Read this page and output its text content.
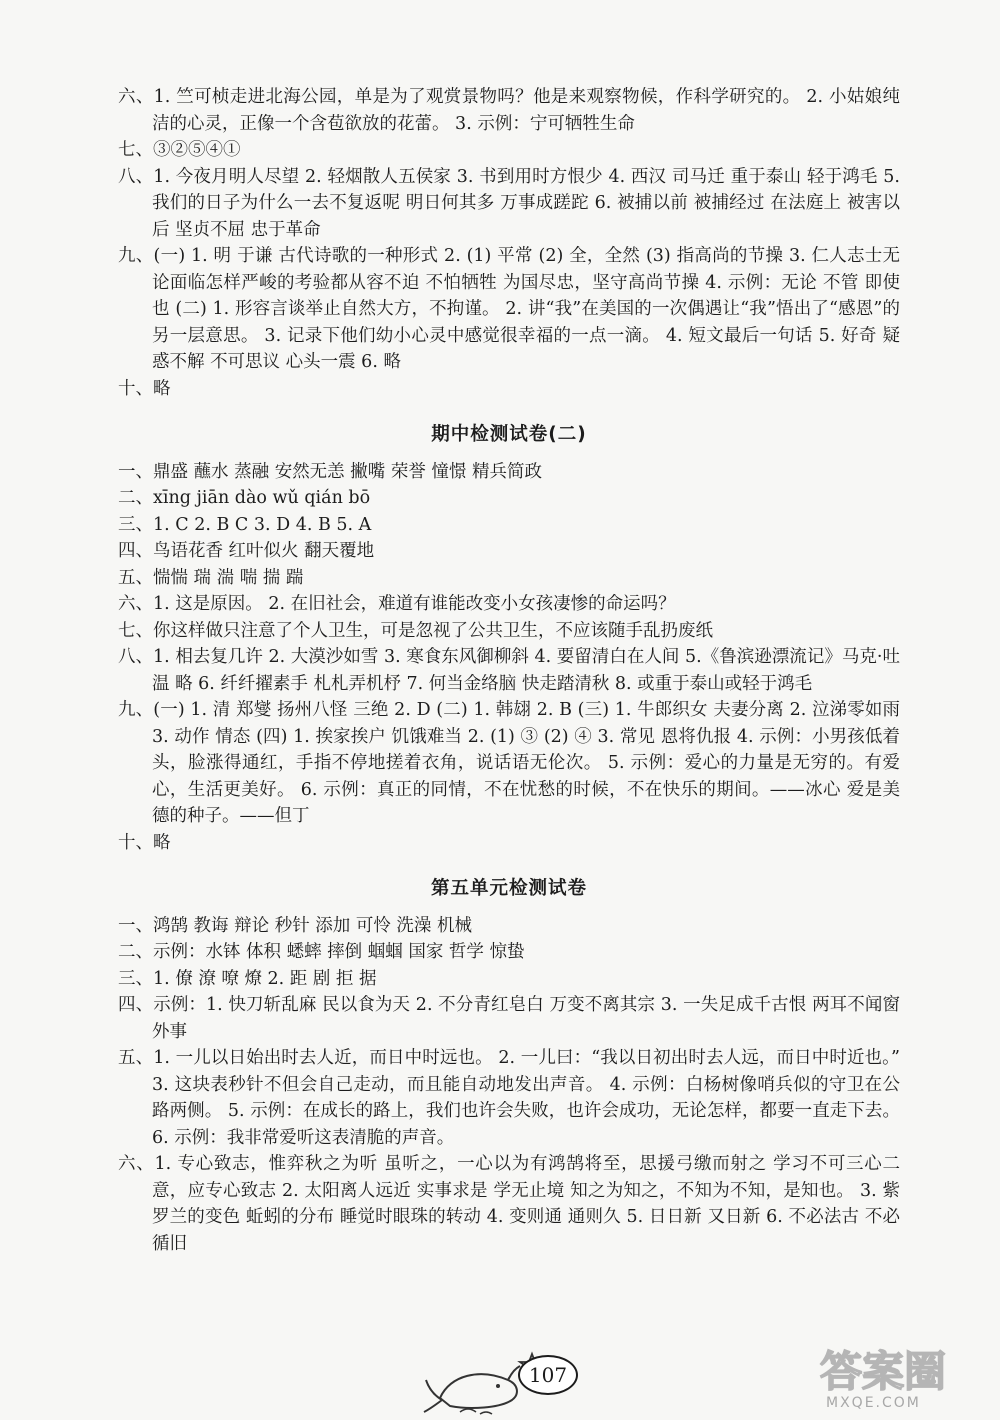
六、1. 竺可桢走进北海公园，单是为了观赏景物吗？他是来观察物候，作科学研究的。 2. 小姑娘纯洁的心灵，正像一个含苞欲放的花蕾。 3. 示例：宁可牺牲生命

七、③②⑤④①

八、1. 今夜月明人尽望 2. 轻烟散人五侯家 3. 书到用时方恨少 4. 西汉 司马迁 重于泰山 轻于鸿毛 5. 我们的日子为什么一去不复返呢 明日何其多 万事成蹉跎 6. 被捕以前 被捕经过 在法庭上 被害以后 坚贞不屈 忠于革命

九、(一) 1. 明 于谦 古代诗歌的一种形式 2. (1) 平常 (2) 全，全然 (3) 指高尚的节操 3. 仁人志士无论面临怎样严峻的考验都从容不迫 不怕牺牲 为国尽忠，坚守高尚节操 4. 示例：无论 不管 即使 也 (二) 1. 形容言谈举止自然大方，不拘谨。 2. 讲“我”在美国的一次偶遇让“我”悟出了“感恩”的另一层意思。 3. 记录下他们幼小心灵中感觉很幸福的一点一滴。 4. 短文最后一句话 5. 好奇 疑惑不解 不可思议 心头一震 6. 略

十、略

期中检测试卷(二)

一、鼎盛 蘸水 蒸融 安然无恙 撇嘴 荣誉 憧憬 精兵简政

二、xīng jiān dào wǔ qián bō

三、1. C 2. B C 3. D 4. B 5. A

四、鸟语花香 红叶似火 翻天覆地

五、惴惴 瑞 湍 喘 揣 踹

六、1. 这是原因。 2. 在旧社会，难道有谁能改变小女孩凄惨的命运吗？

七、你这样做只注意了个人卫生，可是忽视了公共卫生，不应该随手乱扔废纸

八、1. 相去复几许 2. 大漠沙如雪 3. 寒食东风御柳斜 4. 要留清白在人间 5.《鲁滨逊漂流记》马克·吐温 略 6. 纤纤擢素手 札札弄机杼 7. 何当金络脑 快走踏清秋 8. 或重于泰山或轻于鸿毛

九、(一) 1. 清 郑燮 扬州八怪 三绝 2. D (二) 1. 韩翃 2. B (三) 1. 牛郎织女 夫妻分离 2. 泣涕零如雨 3. 动作 情态 (四) 1. 挨家挨户 饥饿难当 2. (1) ③ (2) ④ 3. 常见 恩将仇报 4. 示例：小男孩低着头，脸涨得通红，手指不停地搓着衣角，说话语无伦次。 5. 示例：爱心的力量是无穷的。有爱心，生活更美好。 6. 示例：真正的同情，不在忧愁的时候，不在快乐的期间。——冰心 爱是美德的种子。——但丁

十、略

第五单元检测试卷

一、鸿鹄 教诲 辩论 秒针 添加 可怜 洗澡 机械

二、示例：水钵 体积 蟋蟀 摔倒 蝈蝈 国家 哲学 惊蛰

三、1. 僚 潦 嘹 燎 2. 距 剧 拒 据

四、示例：1. 快刀斩乱麻 民以食为天 2. 不分青红皂白 万变不离其宗 3. 一失足成千古恨 两耳不闻窗外事

五、1. 一儿以日始出时去人近，而日中时远也。 2. 一儿曰：“我以日初出时去人远，而日中时近也。” 3. 这块表秒针不但会自己走动，而且能自动地发出声音。 4. 示例：白杨树像哨兵似的守卫在公路两侧。 5. 示例：在成长的路上，我们也许会失败，也许会成功，无论怎样，都要一直走下去。 6. 示例：我非常爱听这表清脆的声音。

六、1. 专心致志，惟弈秋之为听 虽听之，一心以为有鸿鹄将至，思援弓缴而射之 学习不可三心二意，应专心致志 2. 太阳离人远近 实事求是 学无止境 知之为知之，不知为不知，是知也。 3. 紫罗兰的变色 蚯蚓的分布 睡觉时眼珠的转动 4. 变则通 通则久 5. 日日新 又日新 6. 不必法古 不必循旧

107	答案圈
MXQE.COM
